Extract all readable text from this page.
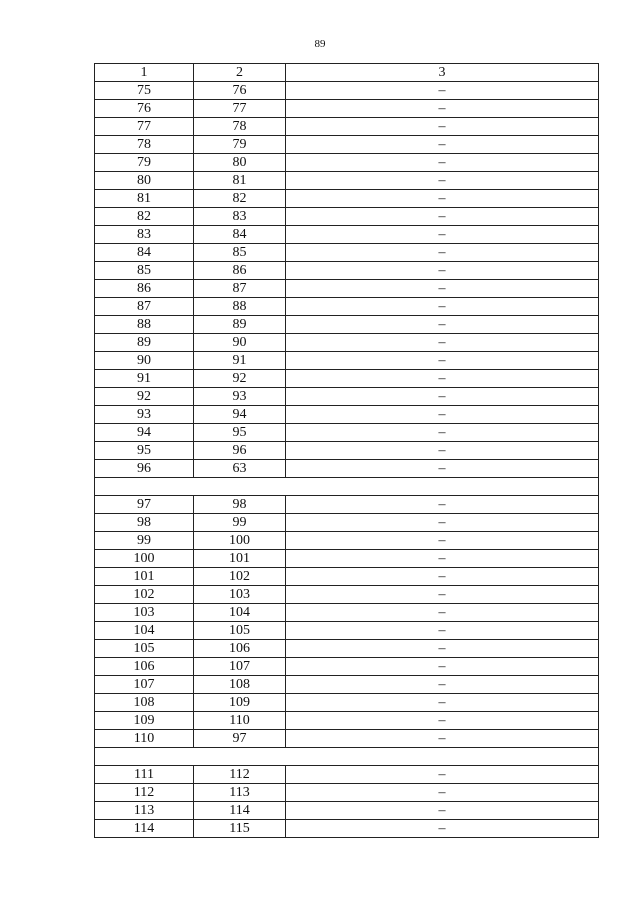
89
1	2	3
75	76	–
76	77	–
77	78	–
78	79	–
79	80	–
80	81	–
81	82	–
82	83	–
83	84	–
84	85	–
85	86	–
86	87	–
87	88	–
88	89	–
89	90	–
90	91	–
91	92	–
92	93	–
93	94	–
94	95	–
95	96	–
96	63	–

97	98	–
98	99	–
99	100	–
100	101	–
101	102	–
102	103	–
103	104	–
104	105	–
105	106	–
106	107	–
107	108	–
108	109	–
109	110	–
110	97	–

111	112	–
112	113	–
113	114	–
114	115	–
